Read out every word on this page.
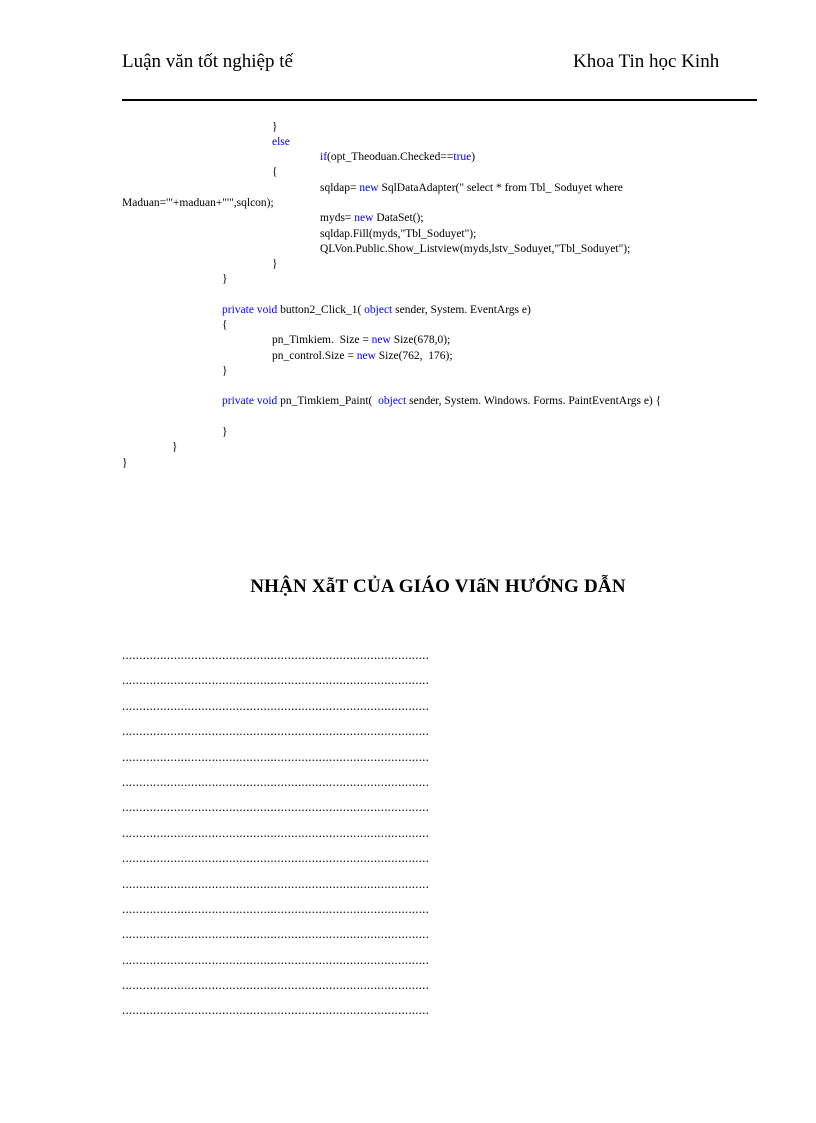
Luận văn tốt nghiệp tế	Khoa Tin học Kinh
}
else
if(opt_Theoduan.Checked==true)
{
sqldap= new SqlDataAdapter(" select * from Tbl_ Soduyet where
Maduan='"+maduan+"'",sqlcon);
myds= new DataSet();
sqldap.Fill(myds,"Tbl_Soduyet");
QLVon.Public.Show_Listview(myds,lstv_Soduyet,"Tbl_Soduyet");
}
}
private void button2_Click_1( object sender, System. EventArgs e)
{
pn_Timkiem.  Size = new Size(678,0);
pn_control.Size = new Size(762,  176);
}
private void pn_Timkiem_Paint(  object sender, System. Windows. Forms. PaintEventArgs e) {
}
}
}
NHẬN XẫT CỦA GIÁO VIấN HƯỚNG DẪN
.........................................................................................
.........................................................................................
.........................................................................................
.........................................................................................
.........................................................................................
.........................................................................................
.........................................................................................
.........................................................................................
.........................................................................................
.........................................................................................
.........................................................................................
.........................................................................................
.........................................................................................
.........................................................................................
.........................................................................................
